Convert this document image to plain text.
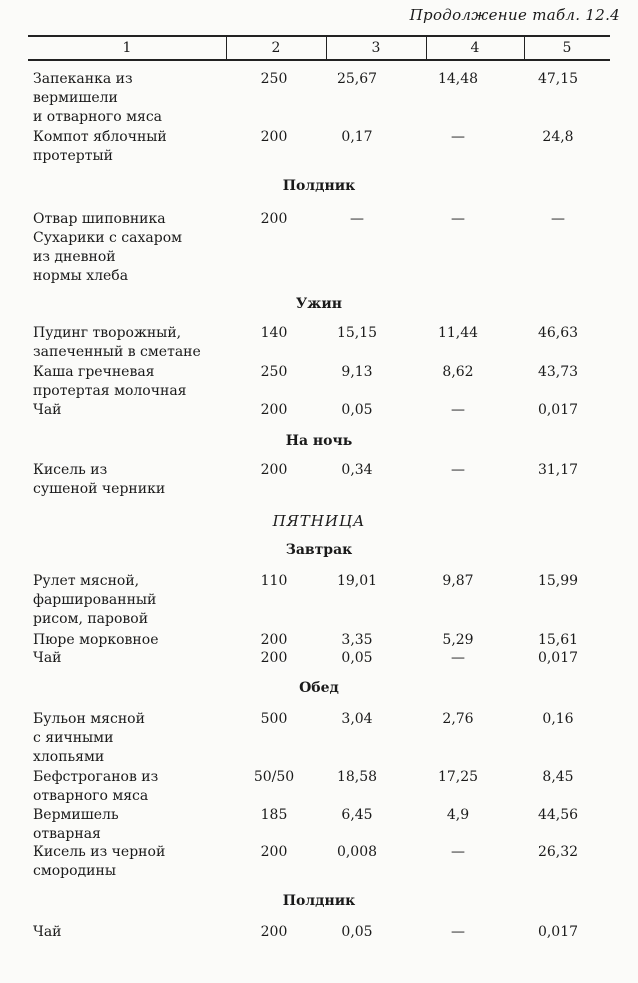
Продолжение табл. 12.4
1	2	3	4	5
Запеканка из
вермишели
и отварного мяса
250	25,67	14,48	47,15
Компот яблочный
протертый
200	0,17	—	24,8
Полдник
Отвар шиповника
Сухарики с сахаром
из дневной
нормы хлеба
200	—	—	—
Ужин
Пудинг творожный,
запеченный в сметане
140	15,15	11,44	46,63
Каша гречневая
протертая молочная
250	9,13	8,62	43,73
Чай	200	0,05	—	0,017
На ночь
Кисель из
сушеной черники
200	0,34	—	31,17
ПЯТНИЦА
Завтрак
Рулет мясной,
фаршированный
рисом, паровой
110	19,01	9,87	15,99
Пюре морковное	200	3,35	5,29	15,61
Чай	200	0,05	—	0,017
Обед
Бульон мясной
с яичными
хлопьями
500	3,04	2,76	0,16
Бефстроганов из
отварного мяса
50/50	18,58	17,25	8,45
Вермишель
отварная
185	6,45	4,9	44,56
Кисель из черной
смородины
200	0,008	—	26,32
Полдник
Чай	200	0,05	—	0,017
